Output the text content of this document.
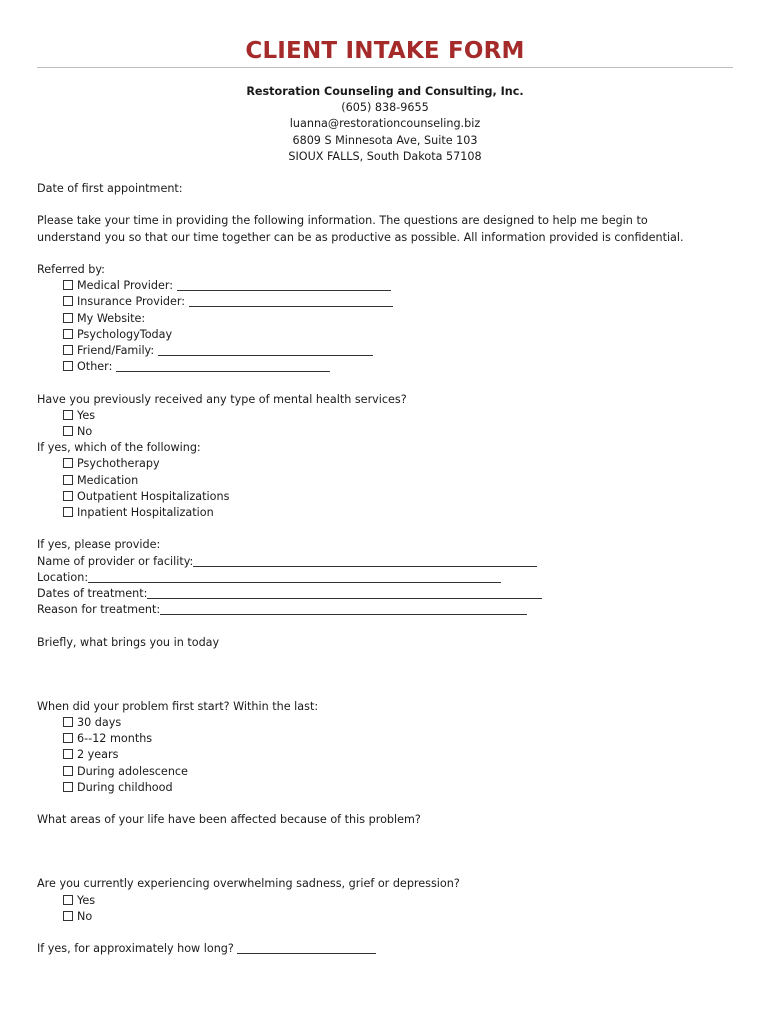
CLIENT INTAKE FORM
Restoration Counseling and Consulting, Inc.
(605) 838-9655
luanna@restorationcounseling.biz
6809 S Minnesota Ave, Suite 103
SIOUX FALLS, South Dakota 57108
Date of first appointment:
Please take your time in providing the following information. The questions are designed to help me begin to
understand you so that our time together can be as productive as possible. All information provided is confidential.
Referred by:
Medical Provider:
Insurance Provider:
My Website:
PsychologyToday
Friend/Family:
Other:
Have you previously received any type of mental health services?
Yes
No
If yes, which of the following:
Psychotherapy
Medication
Outpatient Hospitalizations
Inpatient Hospitalization
If yes, please provide:
Name of provider or facility:
Location:
Dates of treatment:
Reason for treatment:
Briefly, what brings you in today
When did your problem first start? Within the last:
30 days
6--12 months
2 years
During adolescence
During childhood
What areas of your life have been affected because of this problem?
Are you currently experiencing overwhelming sadness, grief or depression?
Yes
No
If yes, for approximately how long?
